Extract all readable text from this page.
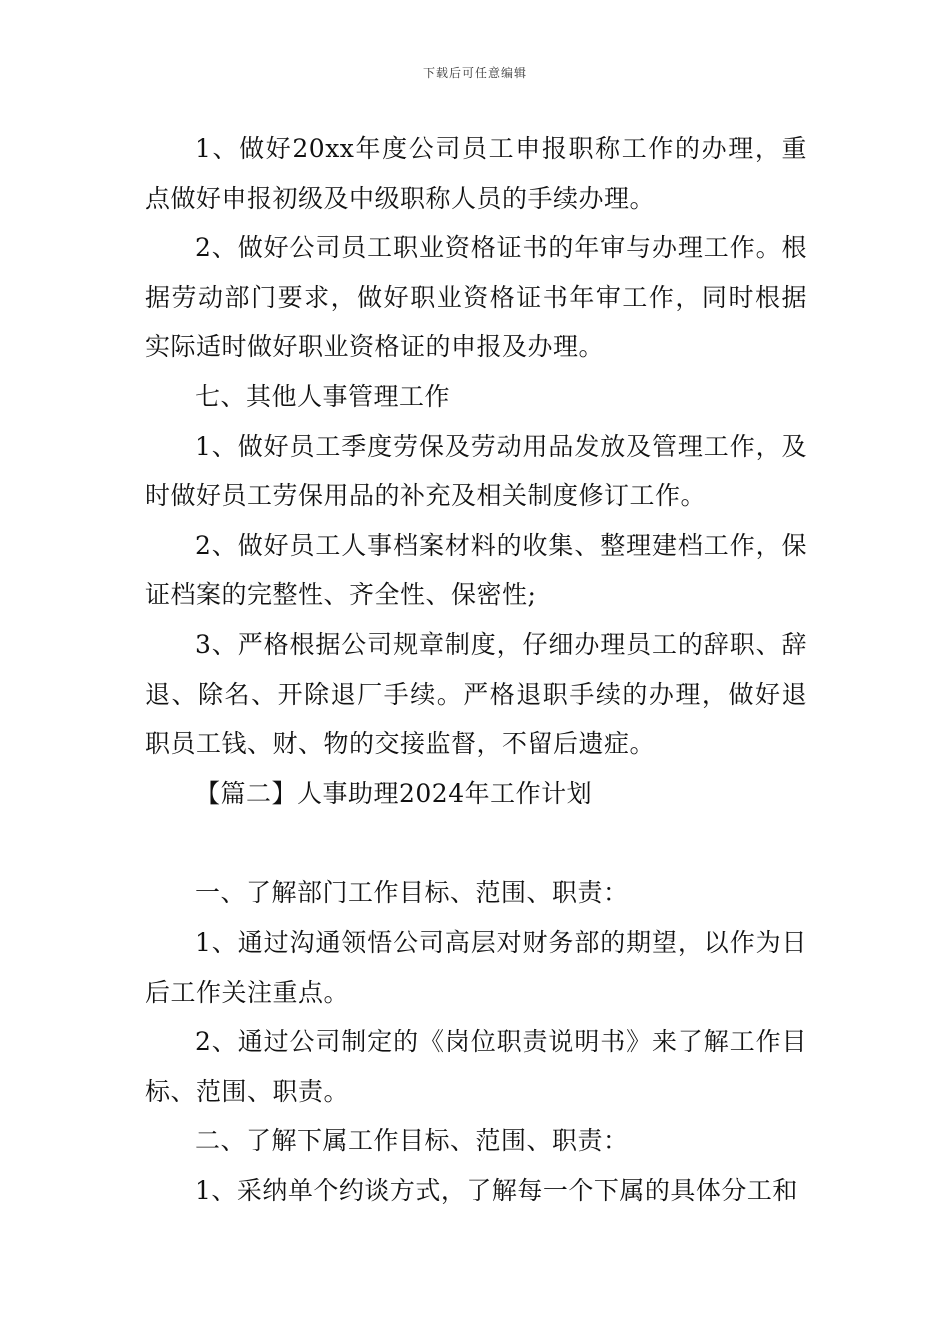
下载后可任意编辑

1、做好20xx年度公司员工申报职称工作的办理，重点做好申报初级及中级职称人员的手续办理。

2、做好公司员工职业资格证书的年审与办理工作。根据劳动部门要求，做好职业资格证书年审工作，同时根据实际适时做好职业资格证的申报及办理。

七、其他人事管理工作

1、做好员工季度劳保及劳动用品发放及管理工作，及时做好员工劳保用品的补充及相关制度修订工作。

2、做好员工人事档案材料的收集、整理建档工作，保证档案的完整性、齐全性、保密性;

3、严格根据公司规章制度，仔细办理员工的辞职、辞退、除名、开除退厂手续。严格退职手续的办理，做好退职员工钱、财、物的交接监督，不留后遗症。

【篇二】人事助理2024年工作计划

一、了解部门工作目标、范围、职责：

1、通过沟通领悟公司高层对财务部的期望，以作为日后工作关注重点。

2、通过公司制定的《岗位职责说明书》来了解工作目标、范围、职责。

二、了解下属工作目标、范围、职责：

1、采纳单个约谈方式，了解每一个下属的具体分工和
